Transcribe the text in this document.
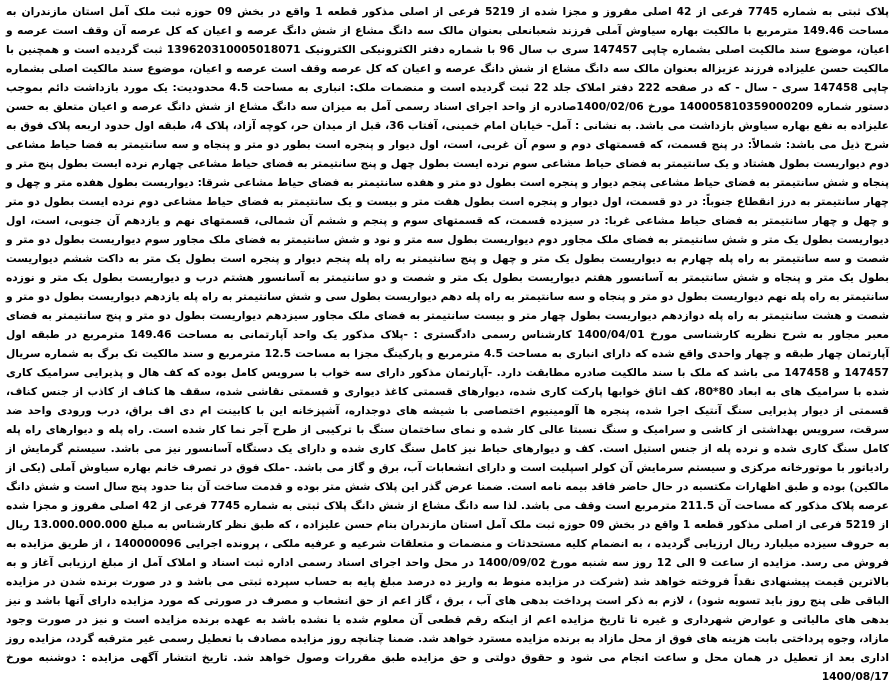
پلاک ثبتی به شماره 7745 فرعی از 42 اصلی مفروز و مجزا شده از 5219 فرعی از اصلی مذکور قطعه 1 واقع در بخش 09 حوزه ثبت ملک آمل استان مازندران به مساحت 149.46 مترمربع با مالکیت بهاره سیاوش آملی فرزند شعبانعلی بعنوان مالک سه دانگ مشاع از شش دانگ عرصه و اعیان که کل عرصه آن وقف است عرصه و اعیان، موضوع سند مالکیت اصلی بشماره چاپی 147457 سری ب سال 96 با شماره دفتر الکترونیکی الکترونیک 139620310005018071 ثبت گردیده است و همچنین با مالکیت حسن علیزاده فرزند عزیزاله بعنوان مالک سه دانگ مشاع از شش دانگ عرصه و اعیان که کل عرصه وقف است عرصه و اعیان، موضوع سند مالکیت اصلی بشماره چاپی 147458 سری - سال - که در صفحه 222 دفتر املاک جلد 22 ثبت گردیده است و منضمات ملک: انباری به مساحت 4.5 محدودیت: یک مورد بازداشت دائم بموجب دستور شماره 140005810359000209 مورخ 1400/02/06صادره از واحد اجرای اسناد رسمی آمل به میزان سه دانگ مشاع از شش دانگ عرصه و اعیان متعلق به حسن علیزاده به نفع بهاره سیاوش بازداشت می باشد. به نشانی : آمل- خیابان امام خمینی، آفتاب 36، قبل از میدان حر، کوچه آزاد، پلاک 4، طبقه اول حدود اربعه پلاک فوق به شرح ذیل می باشد: شمالاً: در پنج قسمت، که قسمتهای دوم و سوم آن غربی، است، اول دیوار و پنجره است بطور دو متر و پنجاه و سه سانتیمتر به فضا حیاط مشاعی دوم دیواریست بطول هشتاد و یک سانتیمتر به فضای حیاط مشاعی سوم نرده ایست بطول چهل و پنج سانتیمتر به فضای حیاط مشاعی چهارم نرده ایست بطول پنج متر و پنجاه و شش سانتیمتر به فضای حیاط مشاعی پنجم دیوار و پنجره است بطول دو متر و هفده سانتیمتر به فضای حیاط مشاعی شرقا: دیواریست بطول هفده متر و چهل و چهار سانتیمتر به درز انقطاع جنوباً: در دو قسمت، اول دیوار و پنجره است بطول هفت متر و بیست و یک سانتیمتر به فضای حیاط مشاعی دوم نرده ایست بطول دو متر و چهل و چهار سانتیمتر به فضای حیاط مشاعی غربا: در سیزده قسمت، که قسمتهای سوم و پنجم و ششم آن شمالی، قسمتهای نهم و یازدهم آن جنوبی، است، اول دیواریست بطول یک متر و شش سانتیمتر به فضای ملک مجاور دوم دیواریست بطول سه متر و نود و شش سانتیمتر به فضای ملک مجاور سوم دیواریست بطول دو متر و شصت و سه سانتیمتر به راه پله چهارم به دیواریست بطول یک متر و چهل و پنج سانتیمتر به راه پله پنجم دیوار و پنجره است بطول یک متر به داکت ششم دیواریست بطول یک متر و پنجاه و شش سانتیمتر به آسانسور هفتم دیواریست بطول یک متر و شصت و دو سانتیمتر به آسانسور هشتم درب و دیواریست بطول یک متر و نوزده سانتیمتر به راه پله نهم دیواریست بطول دو متر و پنجاه و سه سانتیمتر به راه پله دهم دیواریست بطول سی و شش سانتیمتر به راه پله یازدهم دیواریست بطول دو متر و شصت و هشت سانتیمتر به راه پله دوازدهم دیواریست بطول چهار متر و بیست سانتیمتر به فضای ملک مجاور سیزدهم دیواریست بطول دو متر و پنج سانتیمتر به فضای معبر مجاور به شرح نظریه کارشناسی مورخ 1400/04/01 کارشناس رسمی دادگستری : -پلاک مذکور یک واحد آپارتمانی به مساحت 149.46 مترمربع در طبقه اول آپارتمان چهار طبقه و چهار واحدی واقع شده که دارای انباری به مساحت 4.5 مترمربع و پارکینگ مجزا به مساحت 12.5 مترمربع و سند مالکیت تک برگ به شماره سریال 147457 و 147458 می باشد که ملک با سند مالکیت صادره مطابقت دارد. -آپارتمان مذکور دارای سه خواب با سرویس کامل بوده که کف هال و پذیرایی سرامیک کاری شده با سرامیک های به ابعاد 80*80، کف اتاق خوابها پارکت کاری شده، دیوارهای قسمتی کاغذ دیواری و قسمتی نقاشی شده، سقف ها کناف از کاذب از جنس کناف، قسمتی از دیوار پذیرایی سنگ آنتیک اجرا شده، پنجره ها آلومینیوم اختصاصی با شیشه های دوجداره، آشپزخانه این با کابینت ام دی اف براق، درب ورودی واحد ضد سرقت، سرویس بهداشتی از کاشی و سرامیک و سنگ نسبتا عالی کار شده و نمای ساختمان سنگ با ترکیبی از طرح آجر نما کار شده است. راه پله و دیوارهای راه پله کامل سنگ کاری شده و نرده پله از جنس استیل است. کف و دیوارهای حیاط نیز کامل سنگ کاری شده و دارای یک دستگاه آسانسور نیز می باشد. سیستم گرمایش از رادیاتور با موتورخانه مرکزی و سیستم سرمایش آن کولر اسپلیت است و دارای انشعابات آب، برق و گاز می باشد. -ملک فوق در تصرف خانم بهاره سیاوش آملی (یکی از مالکین) بوده و طبق اظهارات مکتسبه در حال حاضر فاقد بیمه نامه است. ضمنا عرض گذر این پلاک شش متر بوده و قدمت ساخت آن بنا حدود پنج سال است و شش دانگ عرصه پلاک مذکور که مساحت آن 211.5 مترمربع است وقف می باشد. لذا سه دانگ مشاع از شش دانگ پلاک ثبتی به شماره 7745 فرعی از 42 اصلی مفروز و مجزا شده از 5219 فرعی از اصلی مذکور قطعه 1 واقع در بخش 09 حوزه ثبت ملک آمل استان مازندران بنام حسن علیزاده ، که طبق نظر کارشناس به مبلغ 13.000.000.000 ریال به حروف سیزده میلیارد ریال ارزیابی گردیده ، به انضمام کلیه مستحدثات و منضمات و متعلقات شرعیه و عرفیه ملکی ، پرونده اجرایی 140000096 ، از طریق مزایده به فروش می رسد. مزایده از ساعت 9 الی 12 روز سه شنبه مورخ 1400/09/02 در محل واحد اجرای اسناد رسمی اداره ثبت اسناد و املاک آمل از مبلغ ارزیابی آغاز و به بالاترین قیمت پیشنهادی نقداً فروخته خواهد شد (شرکت در مزایده منوط به واریز ده درصد مبلغ پایه به حساب سپرده ثبتی می باشد و در صورت برنده شدن در مزایده الباقی ظی پنج روز باید تسویه شود) ، لازم به ذکر است پرداخت بدهی های آب ، برق ، گاز اعم از حق انشعاب و مصرف در صورتی که مورد مزایده دارای آنها باشد و نیز بدهی های مالیاتی و عوارض شهرداری و غیره تا تاریخ مزایده اعم از اینکه رقم قطعی آن معلوم شده یا نشده باشد به عهده برنده مزایده است و نیز در صورت وجود مازاد، وجوه پرداختی بابت هزینه های فوق از محل مازاد به برنده مزایده مسترد خواهد شد. ضمنا چنانچه روز مزایده مصادف با تعطیل رسمی غیر مترقبه گردد، مزایده روز اداری بعد از تعطیل در همان محل و ساعت انجام می شود و حقوق دولتی و حق مزایده طبق مقررات وصول خواهد شد. تاریخ انتشار آگهی مزایده : دوشنبه مورخ 1400/08/17
